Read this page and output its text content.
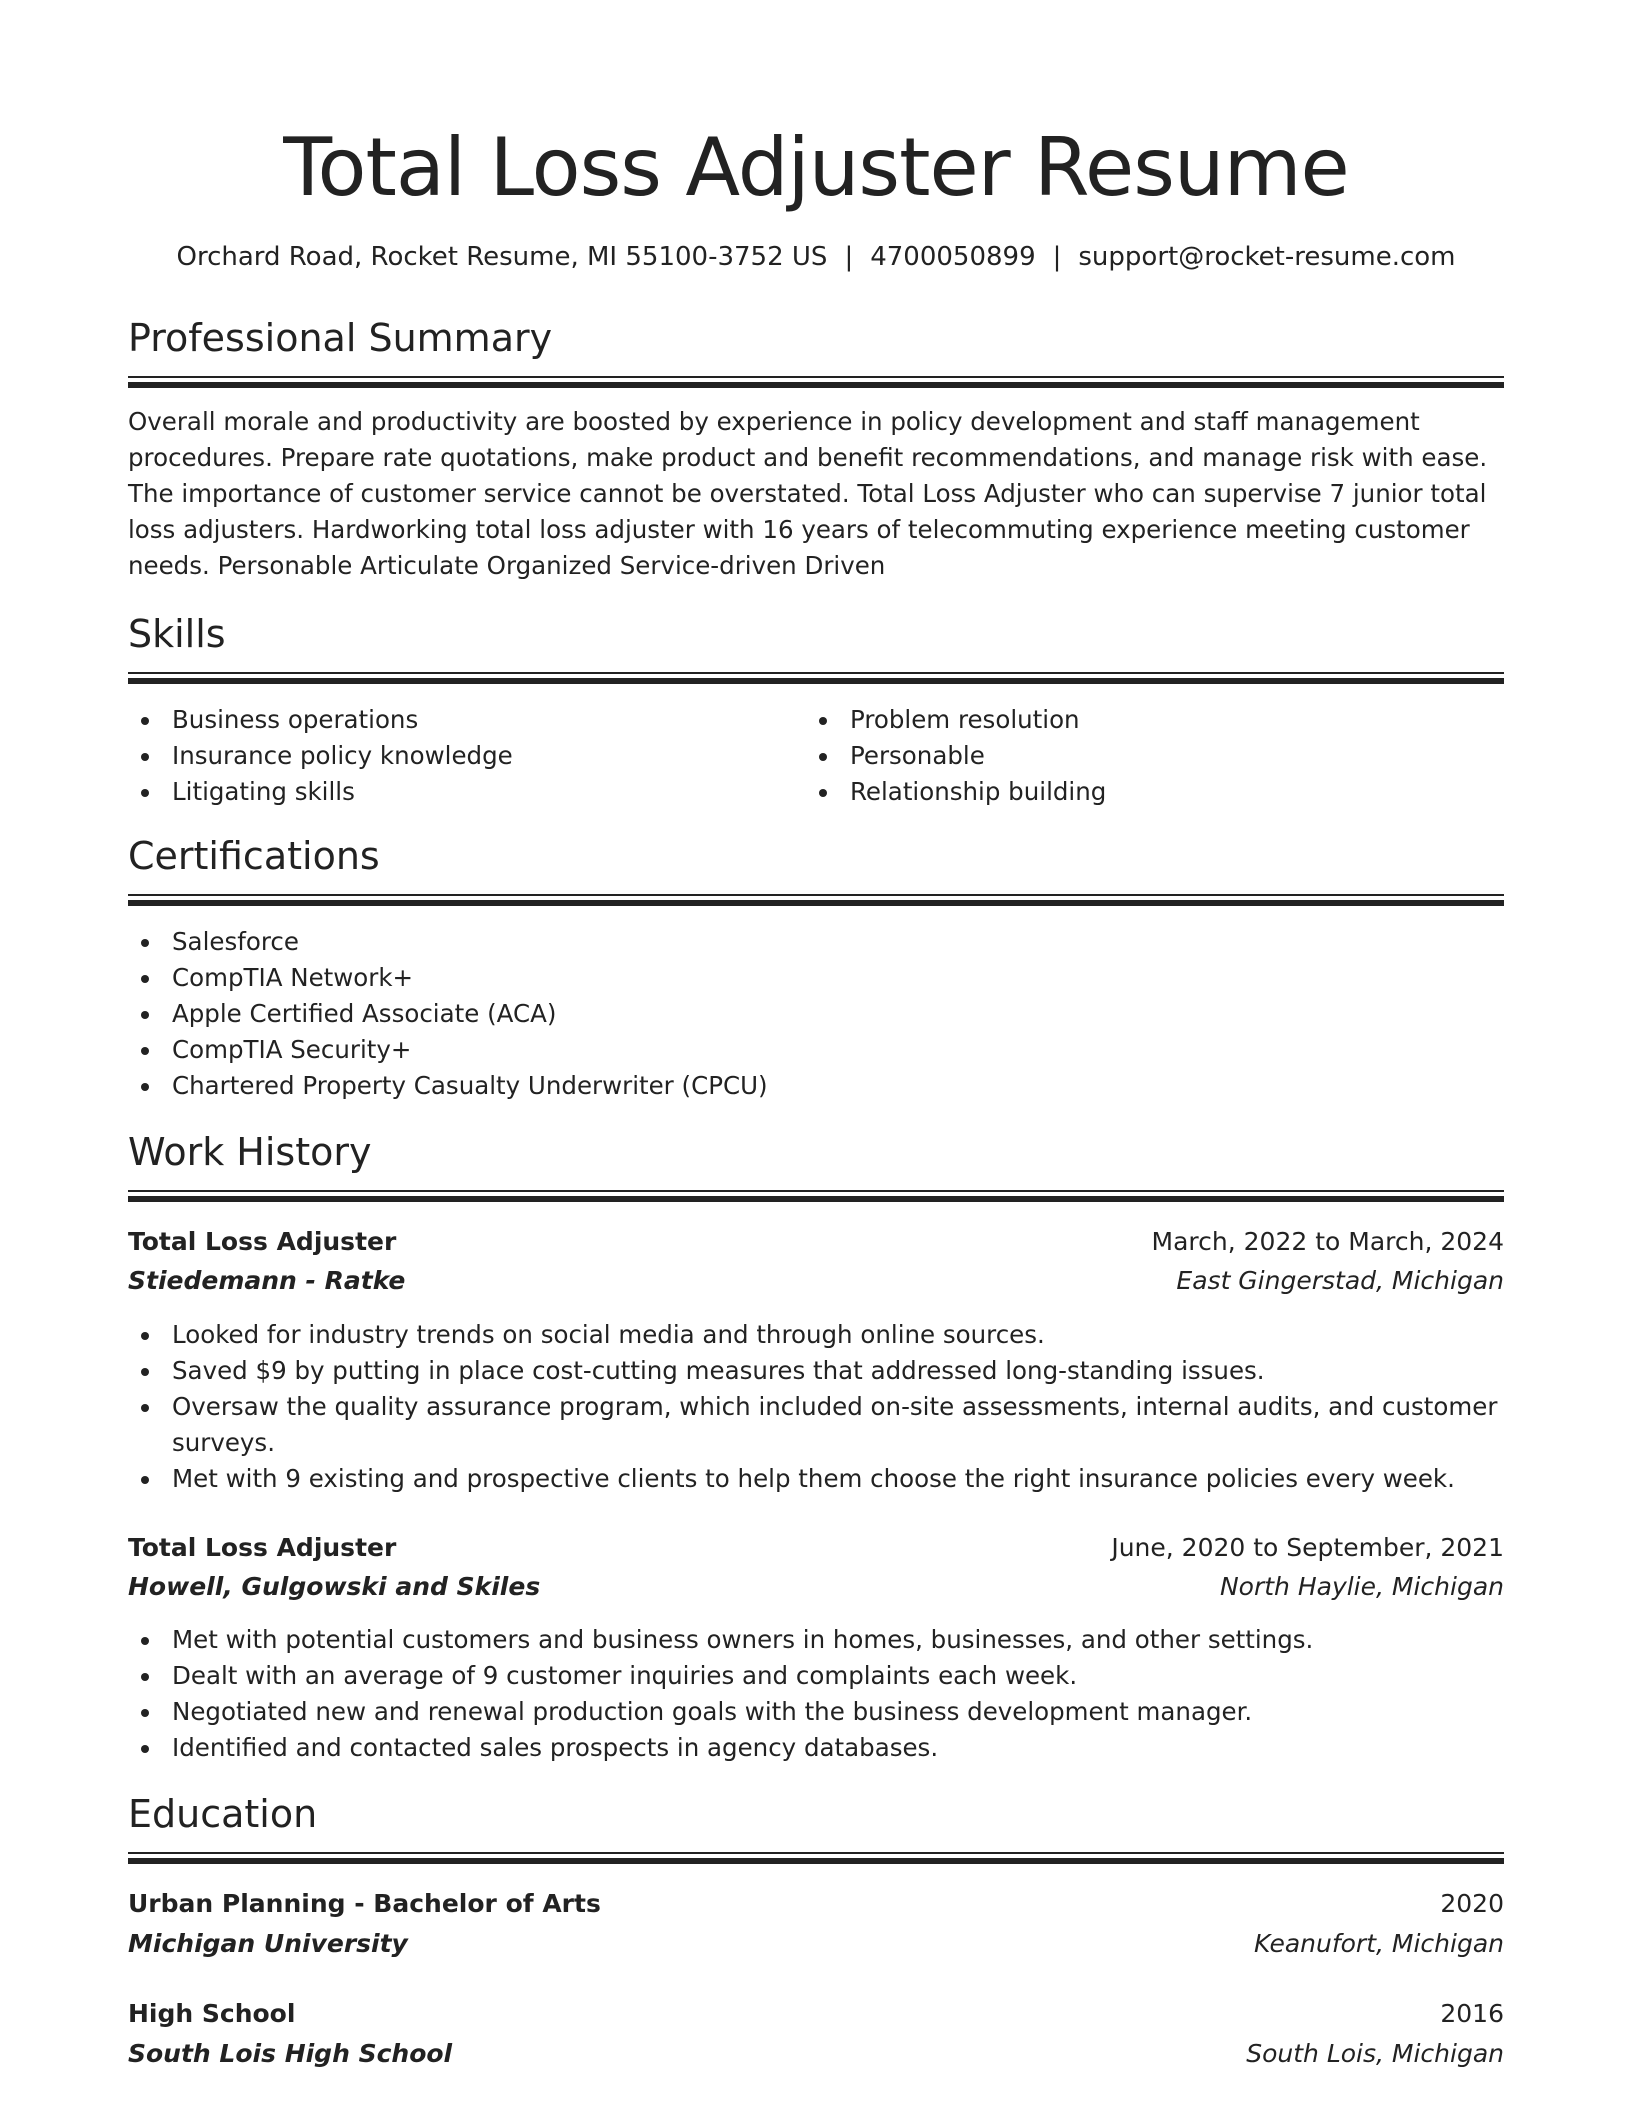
Total Loss Adjuster Resume
Orchard Road, Rocket Resume, MI 55100-3752 US | 4700050899 | support@rocket-resume.com
Professional Summary
Overall morale and productivity are boosted by experience in policy development and staff management procedures. Prepare rate quotations, make product and benefit recommendations, and manage risk with ease. The importance of customer service cannot be overstated. Total Loss Adjuster who can supervise 7 junior total loss adjusters. Hardworking total loss adjuster with 16 years of telecommuting experience meeting customer needs. Personable Articulate Organized Service-driven Driven
Skills
Business operations
Insurance policy knowledge
Litigating skills
Problem resolution
Personable
Relationship building
Certifications
Salesforce
CompTIA Network+
Apple Certified Associate (ACA)
CompTIA Security+
Chartered Property Casualty Underwriter (CPCU)
Work History
Total Loss Adjuster	March, 2022 to March, 2024
Stiedemann - Ratke	East Gingerstad, Michigan
Looked for industry trends on social media and through online sources.
Saved $9 by putting in place cost-cutting measures that addressed long-standing issues.
Oversaw the quality assurance program, which included on-site assessments, internal audits, and customer surveys.
Met with 9 existing and prospective clients to help them choose the right insurance policies every week.
Total Loss Adjuster	June, 2020 to September, 2021
Howell, Gulgowski and Skiles	North Haylie, Michigan
Met with potential customers and business owners in homes, businesses, and other settings.
Dealt with an average of 9 customer inquiries and complaints each week.
Negotiated new and renewal production goals with the business development manager.
Identified and contacted sales prospects in agency databases.
Education
Urban Planning - Bachelor of Arts	2020
Michigan University	Keanufort, Michigan
High School	2016
South Lois High School	South Lois, Michigan
